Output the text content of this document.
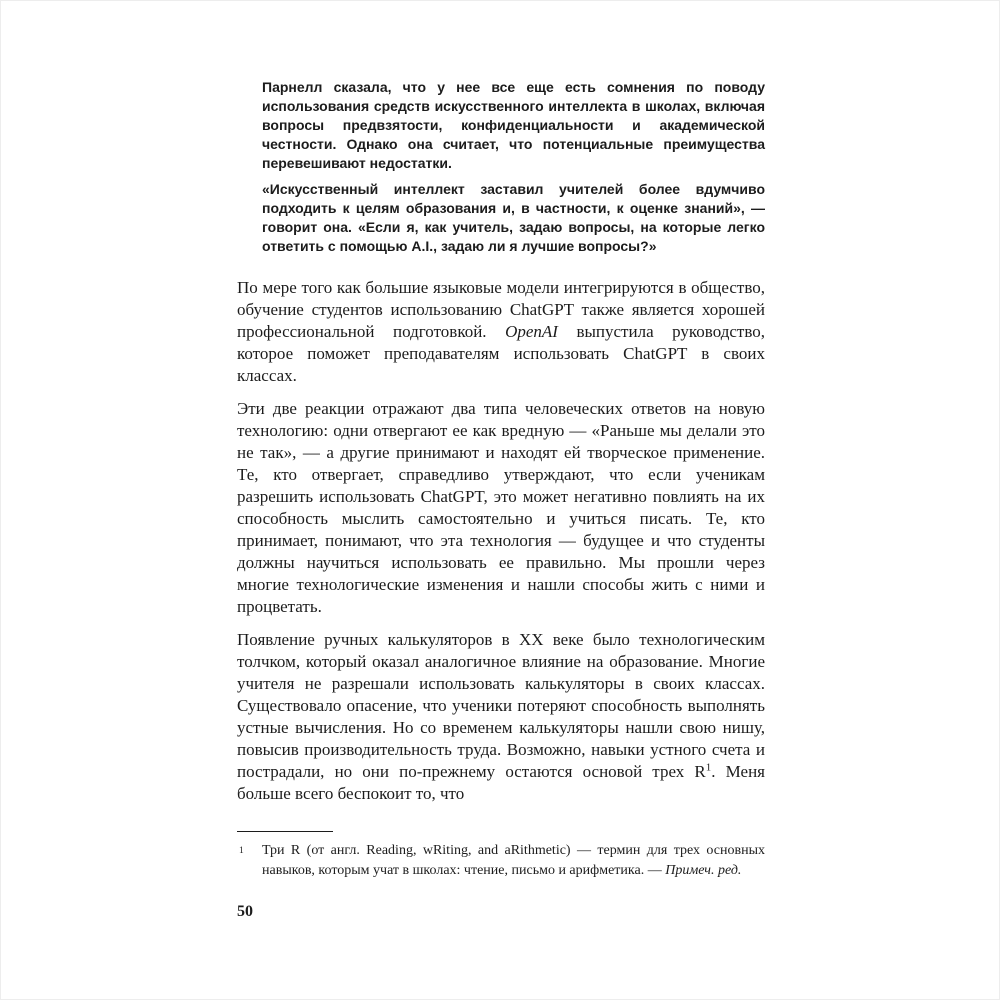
Парнелл сказала, что у нее все еще есть сомнения по поводу использования средств искусственного интеллекта в школах, включая вопросы предвзятости, конфиденциальности и академической честности. Однако она считает, что потенциальные преимущества перевешивают недостатки.

«Искусственный интеллект заставил учителей более вдумчиво подходить к целям образования и, в частности, к оценке знаний», — говорит она. «Если я, как учитель, задаю вопросы, на которые легко ответить с помощью A.I., задаю ли я лучшие вопросы?»

По мере того как большие языковые модели интегрируются в общество, обучение студентов использованию ChatGPT также является хорошей профессиональной подготовкой. OpenAI выпустила руководство, которое поможет преподавателям использовать ChatGPT в своих классах.

Эти две реакции отражают два типа человеческих ответов на новую технологию: одни отвергают ее как вредную — «Раньше мы делали это не так», — а другие принимают и находят ей творческое применение. Те, кто отвергает, справедливо утверждают, что если ученикам разрешить использовать ChatGPT, это может негативно повлиять на их способность мыслить самостоятельно и учиться писать. Те, кто принимает, понимают, что эта технология — будущее и что студенты должны научиться использовать ее правильно. Мы прошли через многие технологические изменения и нашли способы жить с ними и процветать.

Появление ручных калькуляторов в XX веке было технологическим толчком, который оказал аналогичное влияние на образование. Многие учителя не разрешали использовать калькуляторы в своих классах. Существовало опасение, что ученики потеряют способность выполнять устные вычисления. Но со временем калькуляторы нашли свою нишу, повысив производительность труда. Возможно, навыки устного счета и пострадали, но они по-прежнему остаются основой трех $R^1$. Меня больше всего беспокоит то, что

1 Три R (от англ. Reading, wRiting, and aRithmetic) — термин для трех основных навыков, которым учат в школах: чтение, письмо и арифметика. — Примеч. ред.
50
